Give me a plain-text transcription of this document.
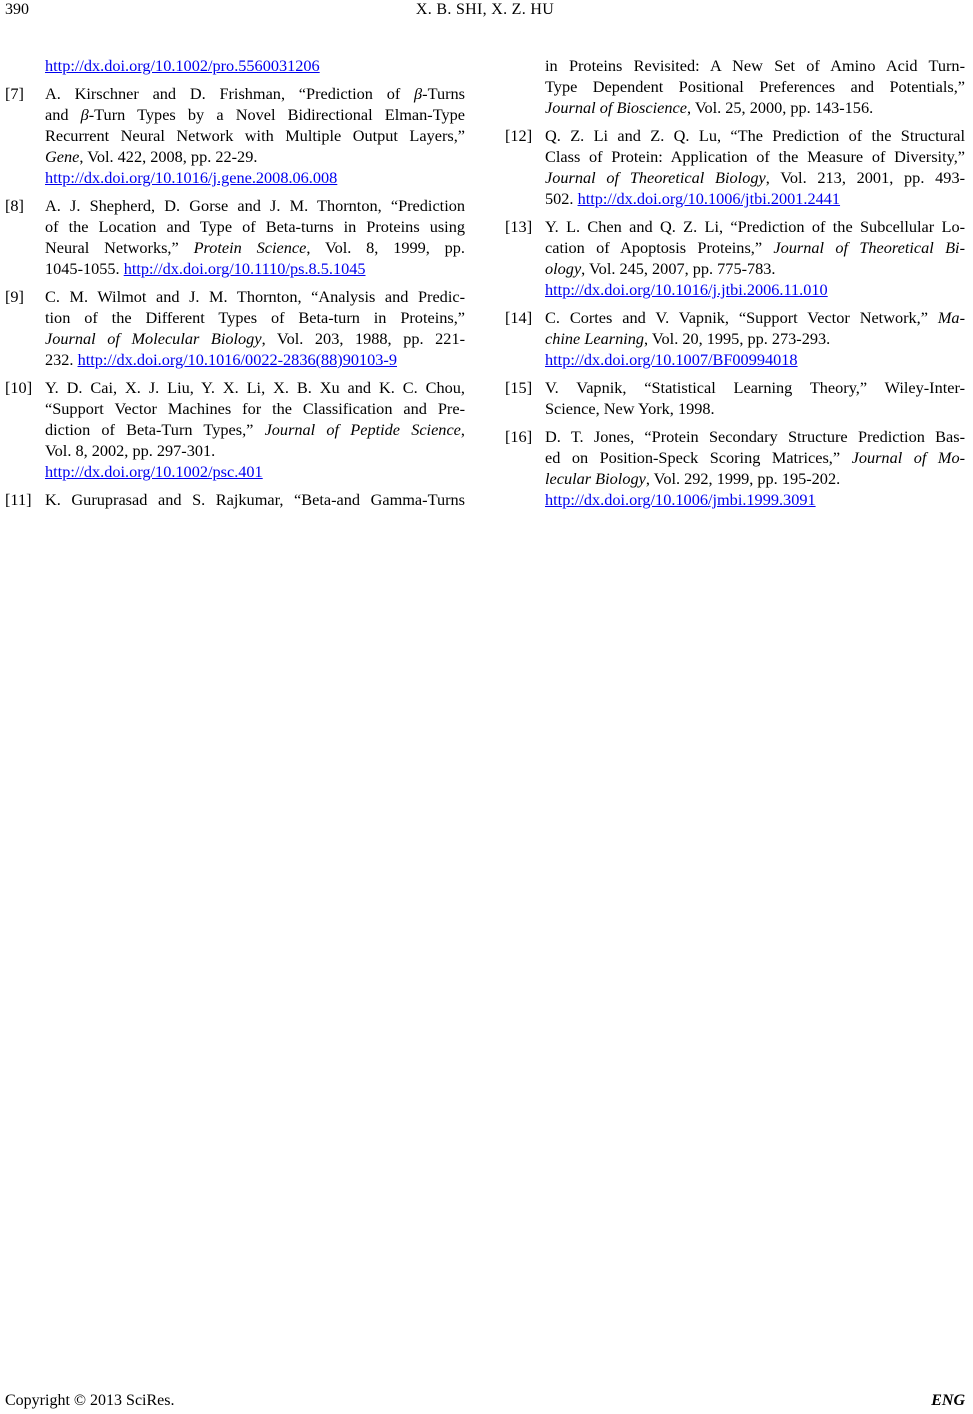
390	X. B. SHI, X. Z. HU
http://dx.doi.org/10.1002/pro.5560031206
[7]	A. Kirschner and D. Frishman, “Prediction of β-Turns
and β-Turn Types by a Novel Bidirectional Elman-Type
Recurrent Neural Network with Multiple Output Layers,”
Gene, Vol. 422, 2008, pp. 22-29.
http://dx.doi.org/10.1016/j.gene.2008.06.008
[8]	A. J. Shepherd, D. Gorse and J. M. Thornton, “Prediction
of the Location and Type of Beta-turns in Proteins using
Neural Networks,” Protein Science, Vol. 8, 1999, pp.
1045-1055. http://dx.doi.org/10.1110/ps.8.5.1045
[9]	C. M. Wilmot and J. M. Thornton, “Analysis and Predic-
tion of the Different Types of Beta-turn in Proteins,”
Journal of Molecular Biology, Vol. 203, 1988, pp. 221-
232. http://dx.doi.org/10.1016/0022-2836(88)90103-9
[10] Y. D. Cai, X. J. Liu, Y. X. Li, X. B. Xu and K. C. Chou,
“Support Vector Machines for the Classification and Pre-
diction of Beta-Turn Types,” Journal of Peptide Science,
Vol. 8, 2002, pp. 297-301.
http://dx.doi.org/10.1002/psc.401
[11] K. Guruprasad and S. Rajkumar, “Beta-and Gamma-Turns
in Proteins Revisited: A New Set of Amino Acid Turn-
Type Dependent Positional Preferences and Potentials,”
Journal of Bioscience, Vol. 25, 2000, pp. 143-156.
[12] Q. Z. Li and Z. Q. Lu, “The Prediction of the Structural
Class of Protein: Application of the Measure of Diversity,”
Journal of Theoretical Biology, Vol. 213, 2001, pp. 493-
502. http://dx.doi.org/10.1006/jtbi.2001.2441
[13] Y. L. Chen and Q. Z. Li, “Prediction of the Subcellular Lo-
cation of Apoptosis Proteins,” Journal of Theoretical Bi-
ology, Vol. 245, 2007, pp. 775-783.
http://dx.doi.org/10.1016/j.jtbi.2006.11.010
[14] C. Cortes and V. Vapnik, “Support Vector Network,” Ma-
chine Learning, Vol. 20, 1995, pp. 273-293.
http://dx.doi.org/10.1007/BF00994018
[15] V. Vapnik, “Statistical Learning Theory,” Wiley-Inter-
Science, New York, 1998.
[16] D. T. Jones, “Protein Secondary Structure Prediction Bas-
ed on Position-Speck Scoring Matrices,” Journal of Mo-
lecular Biology, Vol. 292, 1999, pp. 195-202.
http://dx.doi.org/10.1006/jmbi.1999.3091
Copyright © 2013 SciRes.	ENG
